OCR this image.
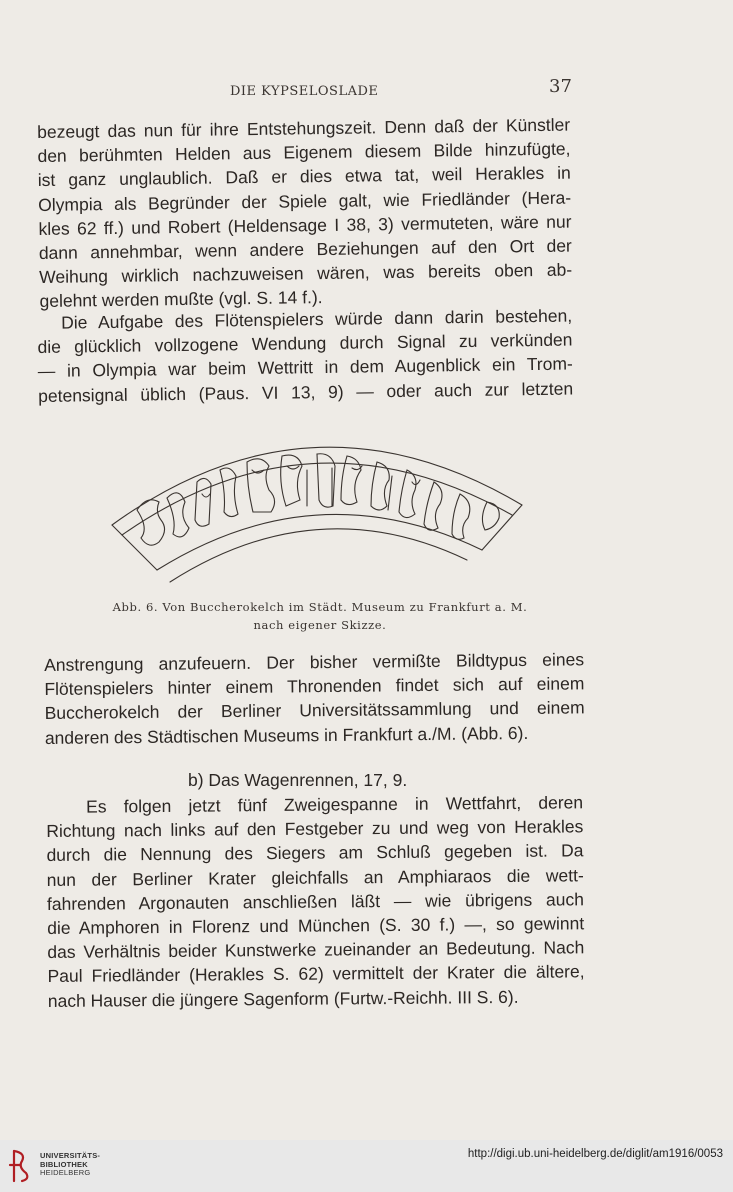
DIE KYPSELOSLADE	37
bezeugt das nun für ihre Entstehungszeit. Denn daß der Künstler
den berühmten Helden aus Eigenem diesem Bilde hinzufügte,
ist ganz unglaublich. Daß er dies etwa tat, weil Herakles in
Olympia als Begründer der Spiele galt, wie Friedländer (Hera-
kles 62 ff.) und Robert (Heldensage I 38, 3) vermuteten, wäre nur
dann annehmbar, wenn andere Beziehungen auf den Ort der
Weihung wirklich nachzuweisen wären, was bereits oben ab-
gelehnt werden mußte (vgl. S. 14 f.).
Die Aufgabe des Flötenspielers würde dann darin bestehen,
die glücklich vollzogene Wendung durch Signal zu verkünden
— in Olympia war beim Wettritt in dem Augenblick ein Trom-
petensignal üblich (Paus. VI 13, 9) — oder auch zur letzten
Abb. 6. Von Buccherokelch im Städt. Museum zu Frankfurt a. M.
nach eigener Skizze.
Anstrengung anzufeuern. Der bisher vermißte Bildtypus eines
Flötenspielers hinter einem Thronenden findet sich auf einem
Buccherokelch der Berliner Universitätssammlung und einem
anderen des Städtischen Museums in Frankfurt a./M. (Abb. 6).
b) Das Wagenrennen, 17, 9.
Es folgen jetzt fünf Zweigespanne in Wettfahrt, deren
Richtung nach links auf den Festgeber zu und weg von Herakles
durch die Nennung des Siegers am Schluß gegeben ist. Da
nun der Berliner Krater gleichfalls an Amphiaraos die wett-
fahrenden Argonauten anschließen läßt — wie übrigens auch
die Amphoren in Florenz und München (S. 30 f.) —, so gewinnt
das Verhältnis beider Kunstwerke zueinander an Bedeutung. Nach
Paul Friedländer (Herakles S. 62) vermittelt der Krater die ältere,
nach Hauser die jüngere Sagenform (Furtw.-Reichh. III S. 6).
UNIVERSITÄTS-
BIBLIOTHEK
HEIDELBERG
http://digi.ub.uni-heidelberg.de/diglit/am1916/0053
